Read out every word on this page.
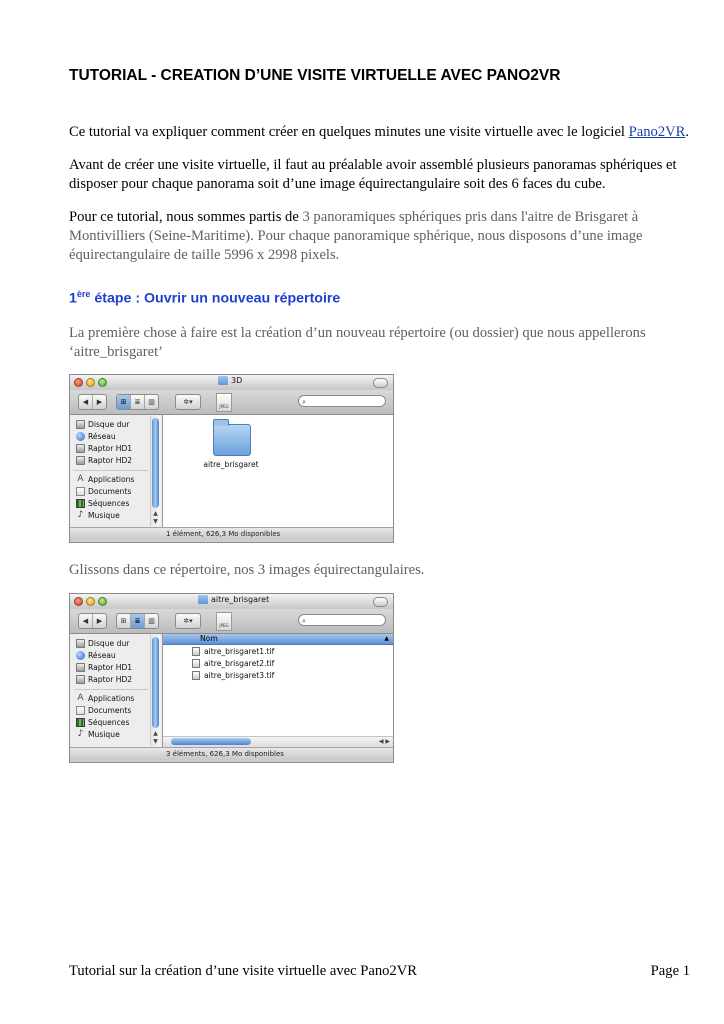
TUTORIAL - CREATION D’UNE VISITE VIRTUELLE AVEC PANO2VR
Ce tutorial va expliquer comment créer en quelques minutes une visite virtuelle avec le logiciel Pano2VR.
Avant de créer une visite virtuelle, il faut au préalable avoir assemblé plusieurs panoramas sphériques et disposer pour chaque panorama soit d’une image équirectangulaire soit des 6 faces du cube.
Pour ce tutorial, nous sommes partis de 3 panoramiques sphériques pris dans l'aitre de Brisgaret à Montivilliers (Seine-Maritime). Pour chaque panoramique sphérique, nous disposons d’une image équirectangulaire de taille 5996 x 2998 pixels.
1ère étape : Ouvrir un nouveau répertoire
La première chose à faire est la création d’un nouveau répertoire (ou dossier) que nous appellerons ‘aitre_brisgaret’
3D
◀	▶	⊞	≣	▥	✲▾
JPEG
⌕
Disque dur
Réseau
Raptor HD1
Raptor HD2
A Applications
Documents
Séquences
♪ Musique	▲
▼
aitre_brisgaret
1 élément, 626,3 Mo disponibles
Glissons dans ce répertoire, nos 3 images équirectangulaires.
aitre_brisgaret
◀	▶	⊞	≣	▥	✲▾
JPEG
⌕
Disque dur
Réseau
Raptor HD1
Raptor HD2
A Applications
Documents
Séquences
♪ Musique	▲
▼
Nom	▲
aitre_brisgaret1.tif
aitre_brisgaret2.tif
aitre_brisgaret3.tif
◀ ▶
3 éléments, 626,3 Mo disponibles
Tutorial sur la création d’une visite virtuelle avec Pano2VR	Page 1
